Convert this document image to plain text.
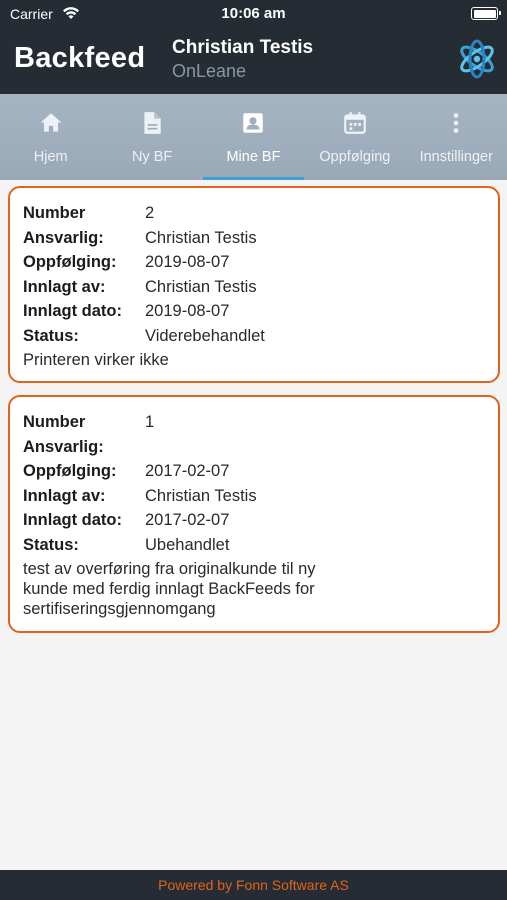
Carrier	10:06 am
Backfeed Christian Testis
OnLeane
Hjem	Ny BF	Mine BF	Oppfølging	Innstillinger
Number	2
Ansvarlig:	Christian Testis
Oppfølging:	2019-08-07
Innlagt av:	Christian Testis
Innlagt dato:	2019-08-07
Status:	Viderebehandlet
Printeren virker ikke
Number	1
Ansvarlig:
Oppfølging:	2017-02-07
Innlagt av:	Christian Testis
Innlagt dato:	2017-02-07
Status:	Ubehandlet
test av overføring fra originalkunde til ny kunde med ferdig innlagt BackFeeds for sertifiseringsgjennomgang
Powered by Fonn Software AS
